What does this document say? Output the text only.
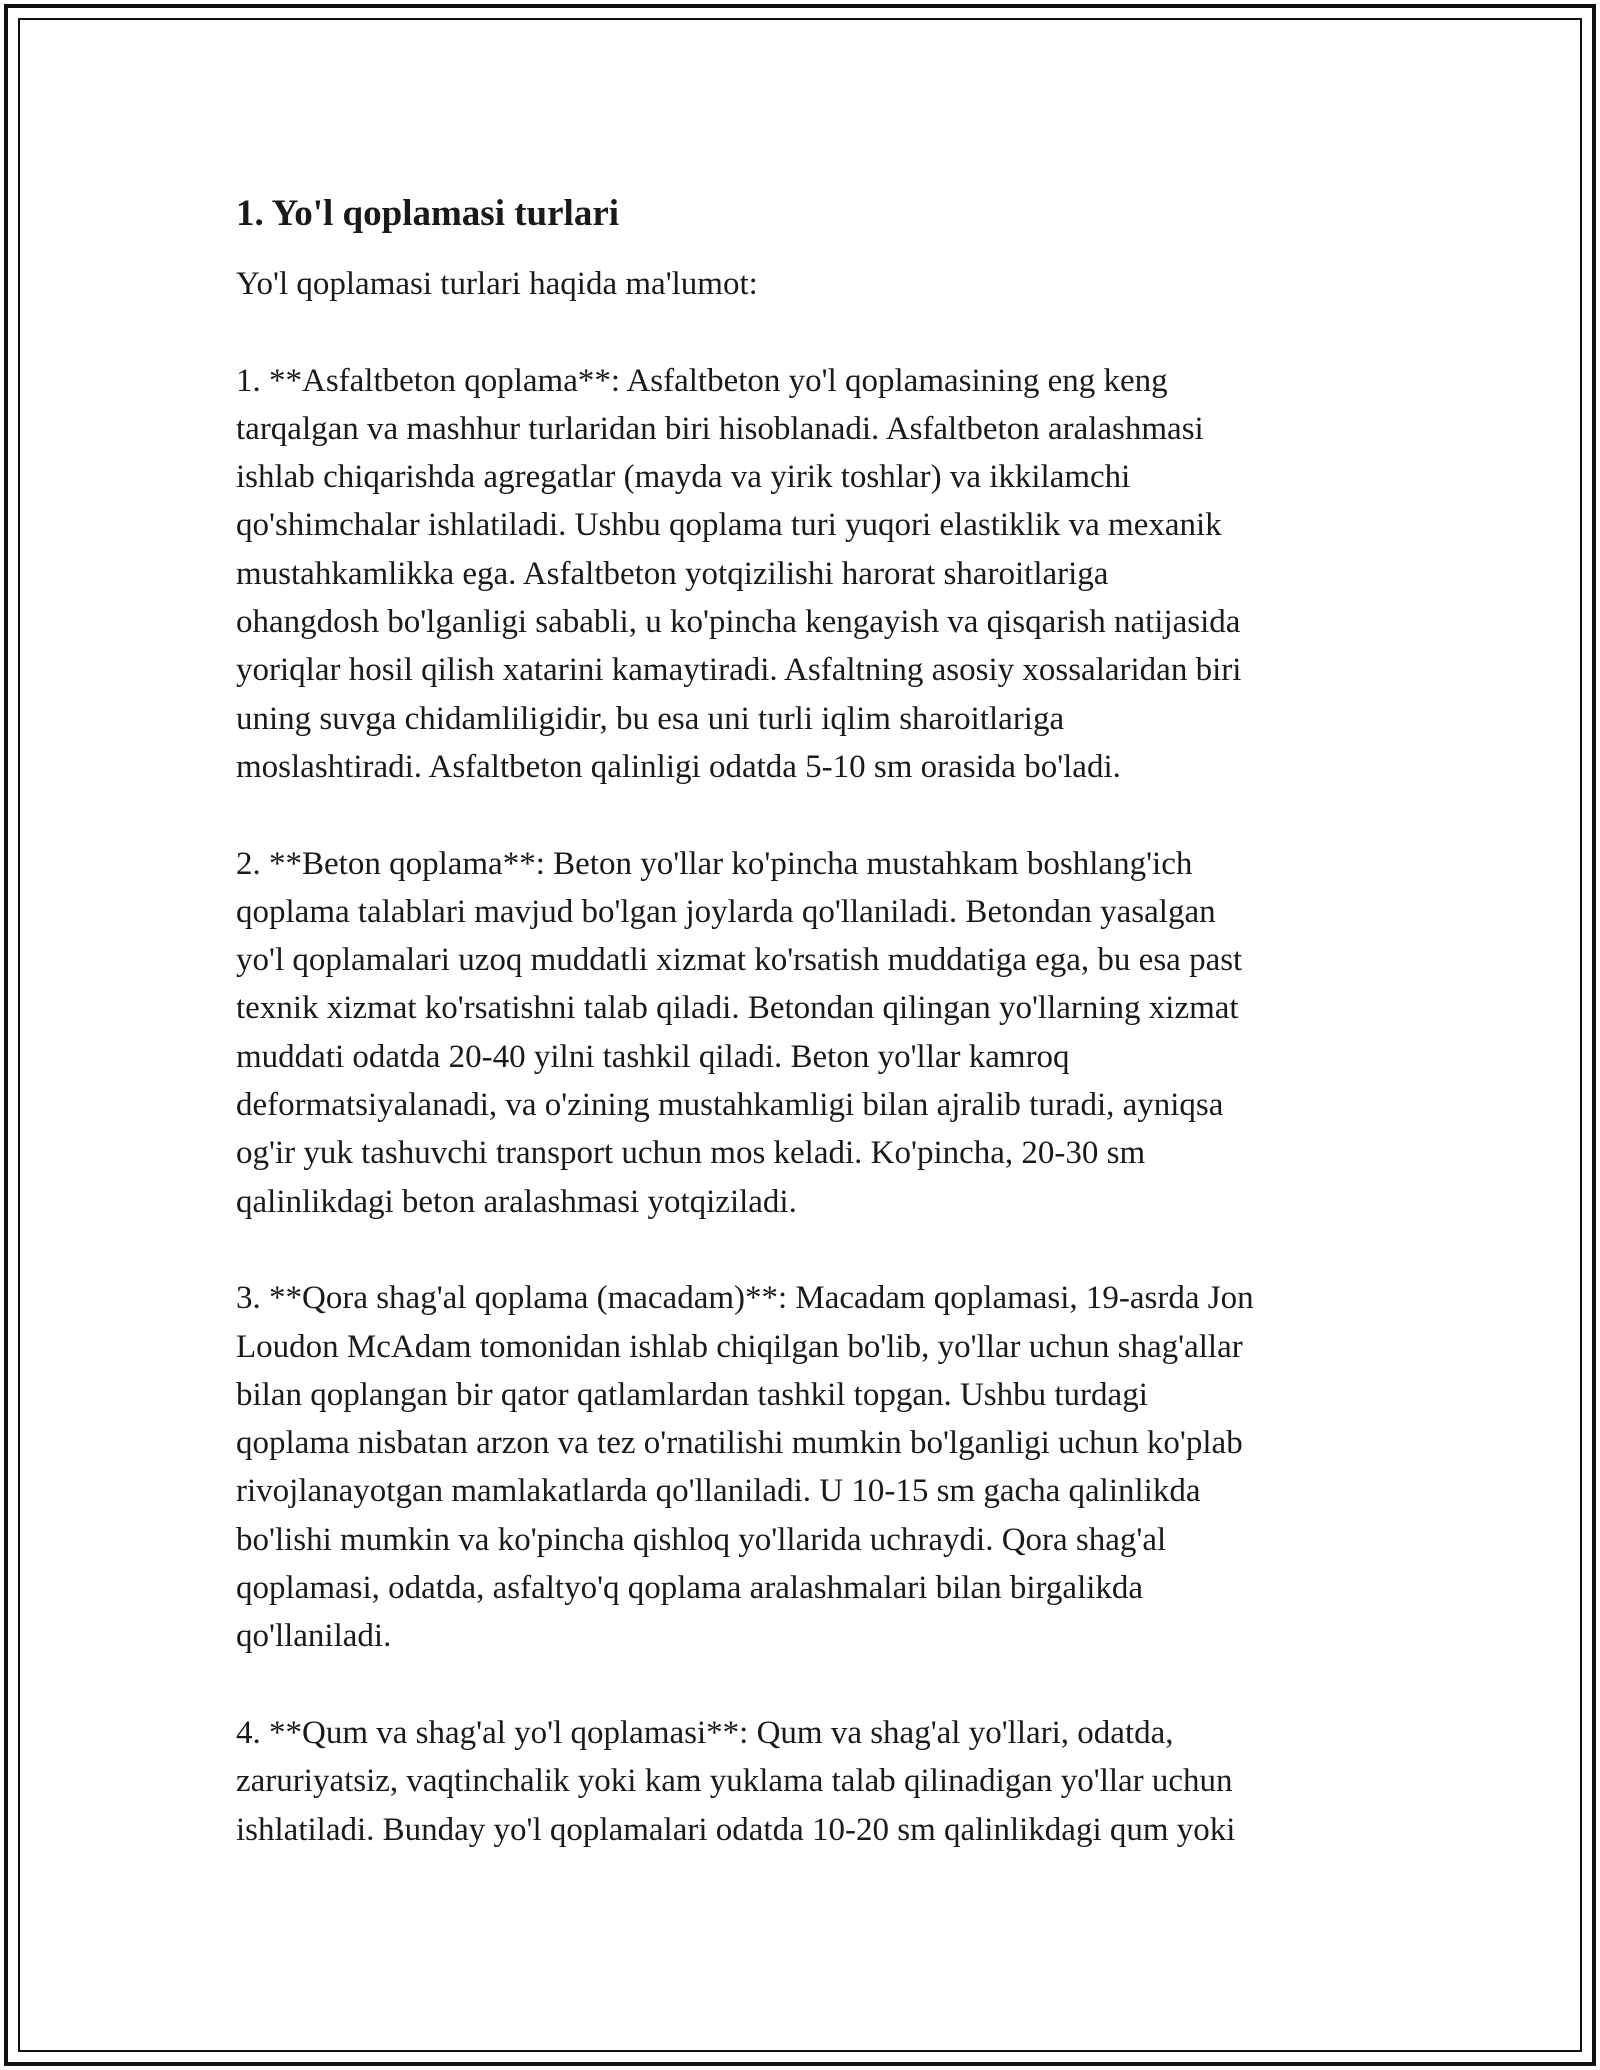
1. Yo'l qoplamasi turlari

Yo'l qoplamasi turlari haqida ma'lumot:

1. **Asfaltbeton qoplama**: Asfaltbeton yo'l qoplamasining eng keng
tarqalgan va mashhur turlaridan biri hisoblanadi. Asfaltbeton aralashmasi
ishlab chiqarishda agregatlar (mayda va yirik toshlar) va ikkilamchi
qo'shimchalar ishlatiladi. Ushbu qoplama turi yuqori elastiklik va mexanik
mustahkamlikka ega. Asfaltbeton yotqizilishi harorat sharoitlariga
ohangdosh bo'lganligi sababli, u ko'pincha kengayish va qisqarish natijasida
yoriqlar hosil qilish xatarini kamaytiradi. Asfaltning asosiy xossalaridan biri
uning suvga chidamliligidir, bu esa uni turli iqlim sharoitlariga
moslashtiradi. Asfaltbeton qalinligi odatda 5-10 sm orasida bo'ladi.

2. **Beton qoplama**: Beton yo'llar ko'pincha mustahkam boshlang'ich
qoplama talablari mavjud bo'lgan joylarda qo'llaniladi. Betondan yasalgan
yo'l qoplamalari uzoq muddatli xizmat ko'rsatish muddatiga ega, bu esa past
texnik xizmat ko'rsatishni talab qiladi. Betondan qilingan yo'llarning xizmat
muddati odatda 20-40 yilni tashkil qiladi. Beton yo'llar kamroq
deformatsiyalanadi, va o'zining mustahkamligi bilan ajralib turadi, ayniqsa
og'ir yuk tashuvchi transport uchun mos keladi. Ko'pincha, 20-30 sm
qalinlikdagi beton aralashmasi yotqiziladi.

3. **Qora shag'al qoplama (macadam)**: Macadam qoplamasi, 19-asrda Jon
Loudon McAdam tomonidan ishlab chiqilgan bo'lib, yo'llar uchun shag'allar
bilan qoplangan bir qator qatlamlardan tashkil topgan. Ushbu turdagi
qoplama nisbatan arzon va tez o'rnatilishi mumkin bo'lganligi uchun ko'plab
rivojlanayotgan mamlakatlarda qo'llaniladi. U 10-15 sm gacha qalinlikda
bo'lishi mumkin va ko'pincha qishloq yo'llarida uchraydi. Qora shag'al
qoplamasi, odatda, asfaltyo'q qoplama aralashmalari bilan birgalikda
qo'llaniladi.

4. **Qum va shag'al yo'l qoplamasi**: Qum va shag'al yo'llari, odatda,
zaruriyatsiz, vaqtinchalik yoki kam yuklama talab qilinadigan yo'llar uchun
ishlatiladi. Bunday yo'l qoplamalari odatda 10-20 sm qalinlikdagi qum yoki
